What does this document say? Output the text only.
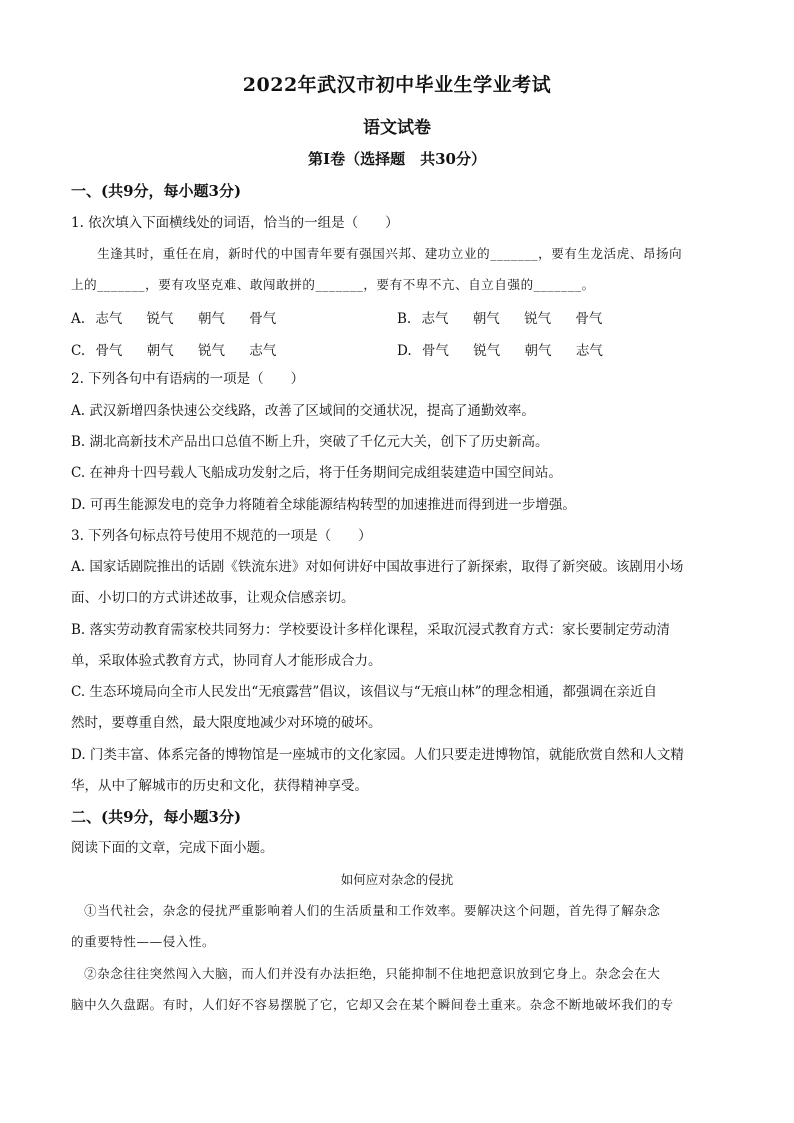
2022年武汉市初中毕业生学业考试
语文试卷
第Ⅰ卷（选择题　共30分）
一、(共9分，每小题3分)
1. 依次填入下面横线处的词语，恰当的一组是（　　）
　　生逢其时，重任在肩，新时代的中国青年要有强国兴邦、建功立业的_______，要有生龙活虎、昂扬向
上的_______，要有攻坚克难、敢闯敢拼的_______，要有不卑不亢、自立自强的_______。
A. 志气 锐气 朝气 骨气	B. 志气 朝气 锐气 骨气
C. 骨气 朝气 锐气 志气	D. 骨气 锐气 朝气 志气
2. 下列各句中有语病的一项是（　　）
A. 武汉新增四条快速公交线路，改善了区域间的交通状况，提高了通勤效率。
B. 湖北高新技术产品出口总值不断上升，突破了千亿元大关，创下了历史新高。
C. 在神舟十四号载人飞船成功发射之后，将于任务期间完成组装建造中国空间站。
D. 可再生能源发电的竞争力将随着全球能源结构转型的加速推进而得到进一步增强。
3. 下列各句标点符号使用不规范的一项是（　　）
A. 国家话剧院推出的话剧《铁流东进》对如何讲好中国故事进行了新探索，取得了新突破。该剧用小场
面、小切口的方式讲述故事，让观众信感亲切。
B. 落实劳动教育需家校共同努力：学校要设计多样化课程，采取沉浸式教育方式：家长要制定劳动清
单，采取体验式教育方式，协同育人才能形成合力。
C. 生态环境局向全市人民发出“无痕露营”倡议，该倡议与“无痕山林”的理念相通，都强调在亲近自
然时，要尊重自然，最大限度地减少对环境的破坏。
D. 门类丰富、体系完备的博物馆是一座城市的文化家园。人们只要走进博物馆，就能欣赏自然和人文精
华，从中了解城市的历史和文化，获得精神享受。
二、(共9分，每小题3分)
阅读下面的文章，完成下面小题。
如何应对杂念的侵扰
　①当代社会，杂念的侵扰严重影响着人们的生活质量和工作效率。要解决这个问题，首先得了解杂念
的重要特性——侵入性。
　②杂念往往突然闯入大脑，而人们并没有办法拒绝，只能抑制不住地把意识放到它身上。杂念会在大
脑中久久盘踞。有时，人们好不容易摆脱了它，它却又会在某个瞬间卷土重来。杂念不断地破坏我们的专
